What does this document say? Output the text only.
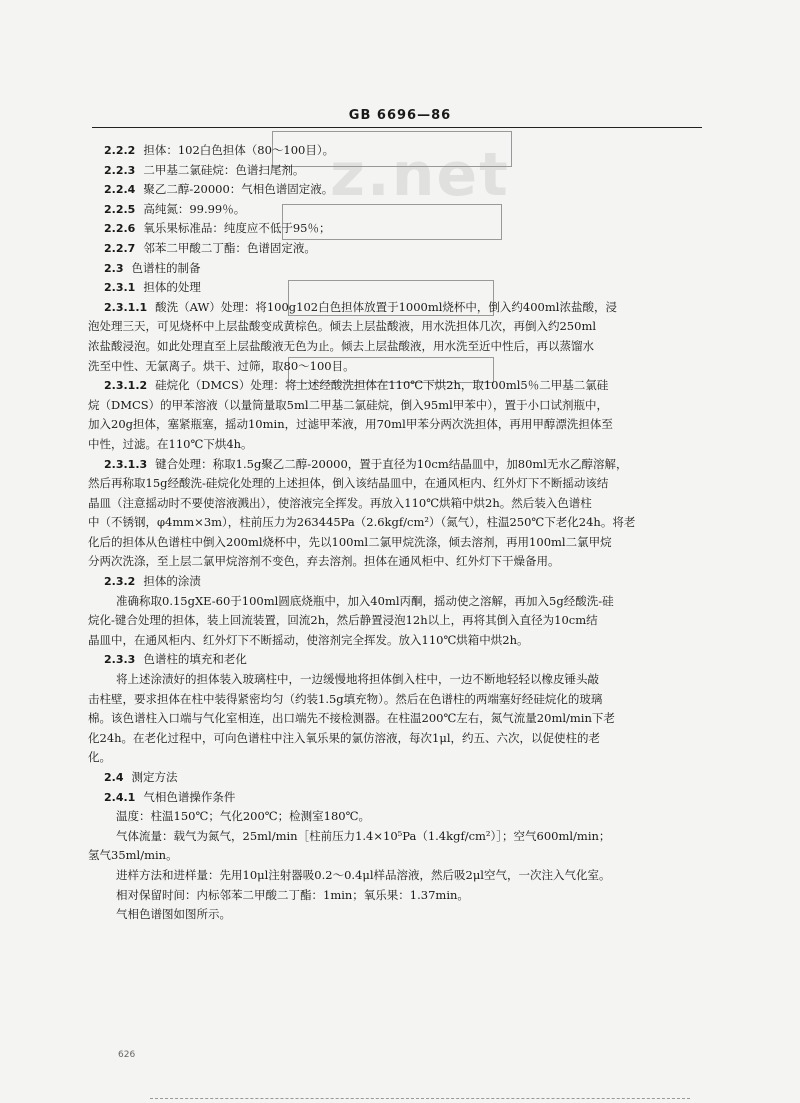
GB 6696—86
z.net
2.2.2 担体：102白色担体（80～100目）。
2.2.3 二甲基二氯硅烷：色谱扫尾剂。
2.2.4 聚乙二醇-20000：气相色谱固定液。
2.2.5 高纯氮：99.99％。
2.2.6 氧乐果标准品：纯度应不低于95％；
2.2.7 邻苯二甲酸二丁酯：色谱固定液。
2.3 色谱柱的制备
2.3.1 担体的处理
2.3.1.1 酸洗（AW）处理：将100g102白色担体放置于1000ml烧杯中，倒入约400ml浓盐酸，浸
泡处理三天，可见烧杯中上层盐酸变成黄棕色。倾去上层盐酸液，用水洗担体几次，再倒入约250ml
浓盐酸浸泡。如此处理直至上层盐酸液无色为止。倾去上层盐酸液，用水洗至近中性后，再以蒸馏水
洗至中性、无氯离子。烘干、过筛，取80～100目。
2.3.1.2 硅烷化（DMCS）处理：将上述经酸洗担体在110℃下烘2h，取100ml5％二甲基二氯硅
烷（DMCS）的甲苯溶液（以量筒量取5ml二甲基二氯硅烷，倒入95ml甲苯中），置于小口试剂瓶中，
加入20g担体，塞紧瓶塞，摇动10min，过滤甲苯液，用70ml甲苯分两次洗担体，再用甲醇漂洗担体至
中性，过滤。在110℃下烘4h。
2.3.1.3 键合处理：称取1.5g聚乙二醇-20000，置于直径为10cm结晶皿中，加80ml无水乙醇溶解，
然后再称取15g经酸洗-硅烷化处理的上述担体，倒入该结晶皿中，在通风柜内、红外灯下不断摇动该结
晶皿（注意摇动时不要使溶液溅出），使溶液完全挥发。再放入110℃烘箱中烘2h。然后装入色谱柱
中（不锈钢，φ4mm×3m），柱前压力为263445Pa（2.6kgf/cm²）（氮气），柱温250℃下老化24h。将老
化后的担体从色谱柱中倒入200ml烧杯中，先以100ml二氯甲烷洗涤，倾去溶剂，再用100ml二氯甲烷
分两次洗涤，至上层二氯甲烷溶剂不变色，弃去溶剂。担体在通风柜中、红外灯下干燥备用。
2.3.2 担体的涂渍
准确称取0.15gXE-60于100ml圆底烧瓶中，加入40ml丙酮，摇动使之溶解，再加入5g经酸洗-硅
烷化-键合处理的担体，装上回流装置，回流2h，然后静置浸泡12h以上，再将其倒入直径为10cm结
晶皿中，在通风柜内、红外灯下不断摇动，使溶剂完全挥发。放入110℃烘箱中烘2h。
2.3.3 色谱柱的填充和老化
将上述涂渍好的担体装入玻璃柱中，一边缓慢地将担体倒入柱中，一边不断地轻轻以橡皮锤头敲
击柱壁，要求担体在柱中装得紧密均匀（约装1.5g填充物）。然后在色谱柱的两端塞好经硅烷化的玻璃
棉。该色谱柱入口端与气化室相连，出口端先不接检测器。在柱温200℃左右，氮气流量20ml/min下老
化24h。在老化过程中，可向色谱柱中注入氧乐果的氯仿溶液，每次1μl，约五、六次，以促使柱的老
化。
2.4 测定方法
2.4.1 气相色谱操作条件
温度：柱温150℃；气化200℃；检测室180℃。
气体流量：载气为氮气，25ml/min［柱前压力1.4×10⁵Pa（1.4kgf/cm²）］；空气600ml/min；
氢气35ml/min。
进样方法和进样量：先用10μl注射器吸0.2～0.4μl样品溶液，然后吸2μl空气，一次注入气化室。
相对保留时间：内标邻苯二甲酸二丁酯：1min；氧乐果：1.37min。
气相色谱图如图所示。
626
